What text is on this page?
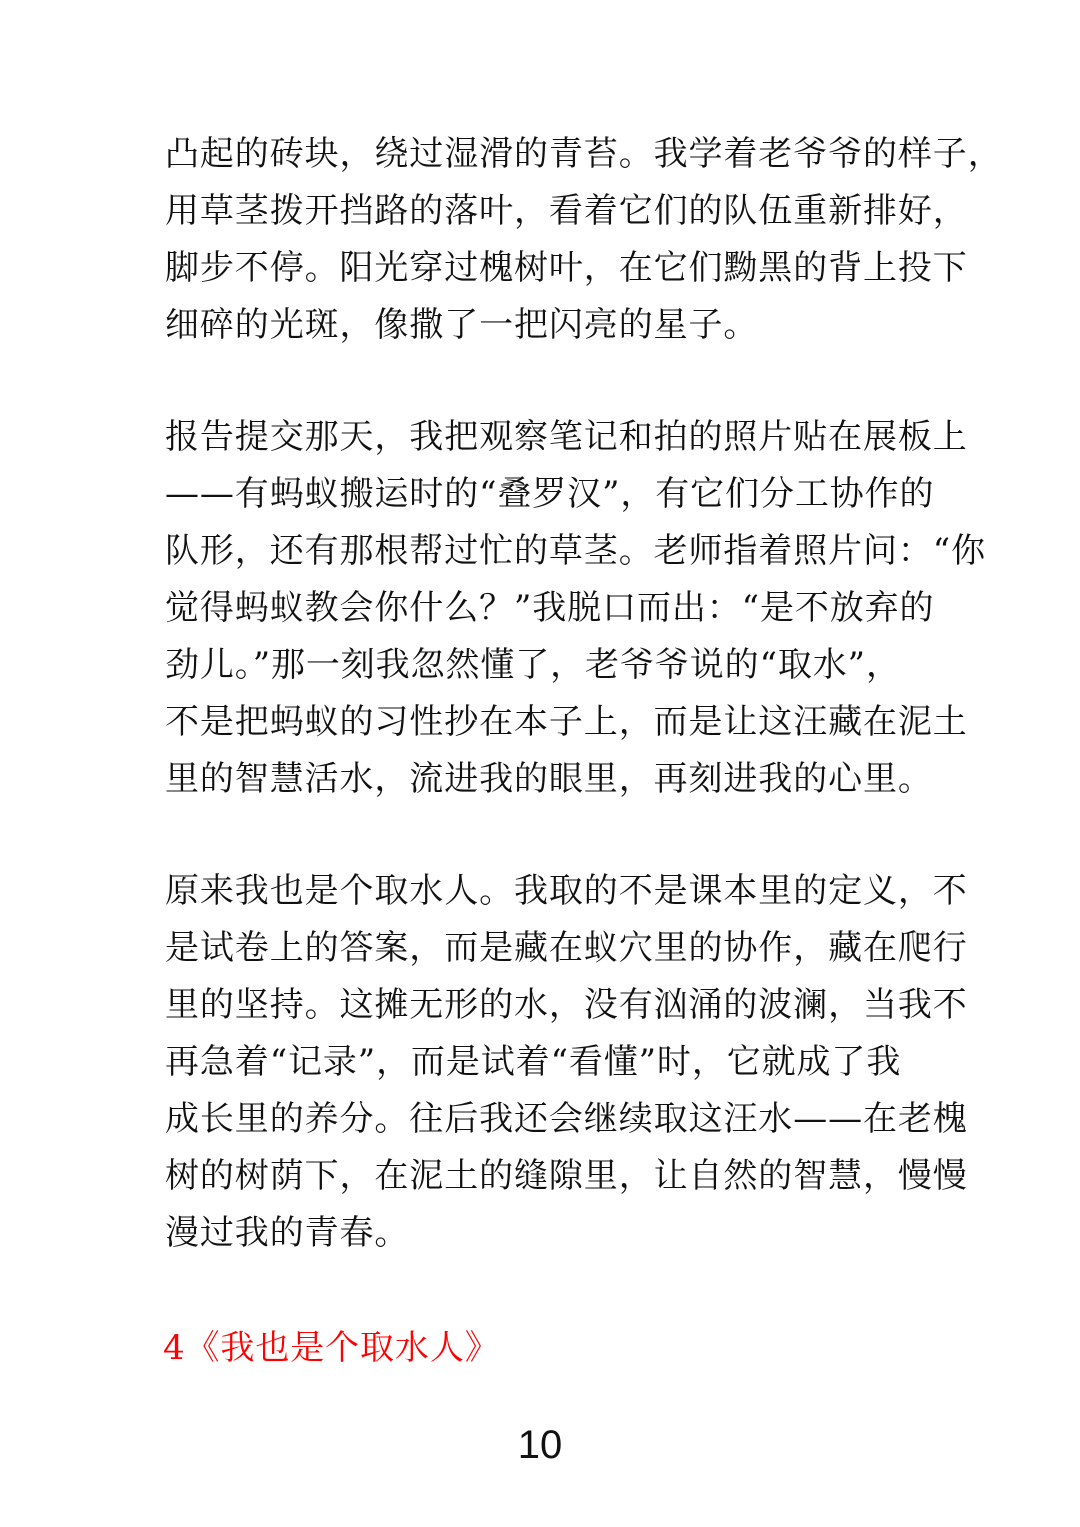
凸起的砖块，绕过湿滑的青苔。我学着老爷爷的样子，
用草茎拨开挡路的落叶，看着它们的队伍重新排好，
脚步不停。阳光穿过槐树叶，在它们黝黑的背上投下
细碎的光斑，像撒了一把闪亮的星子。
报告提交那天，我把观察笔记和拍的照片贴在展板上
——有蚂蚁搬运时的“叠罗汉”，有它们分工协作的
队形，还有那根帮过忙的草茎。老师指着照片问：“你
觉得蚂蚁教会你什么？”我脱口而出：“是不放弃的
劲儿。”那一刻我忽然懂了，老爷爷说的“取水”，
不是把蚂蚁的习性抄在本子上，而是让这汪藏在泥土
里的智慧活水，流进我的眼里，再刻进我的心里。
原来我也是个取水人。我取的不是课本里的定义，不
是试卷上的答案，而是藏在蚁穴里的协作，藏在爬行
里的坚持。这摊无形的水，没有汹涌的波澜，当我不
再急着“记录”，而是试着“看懂”时，它就成了我
成长里的养分。往后我还会继续取这汪水——在老槐
树的树荫下，在泥土的缝隙里，让自然的智慧，慢慢
漫过我的青春。
4《我也是个取水人》
10
